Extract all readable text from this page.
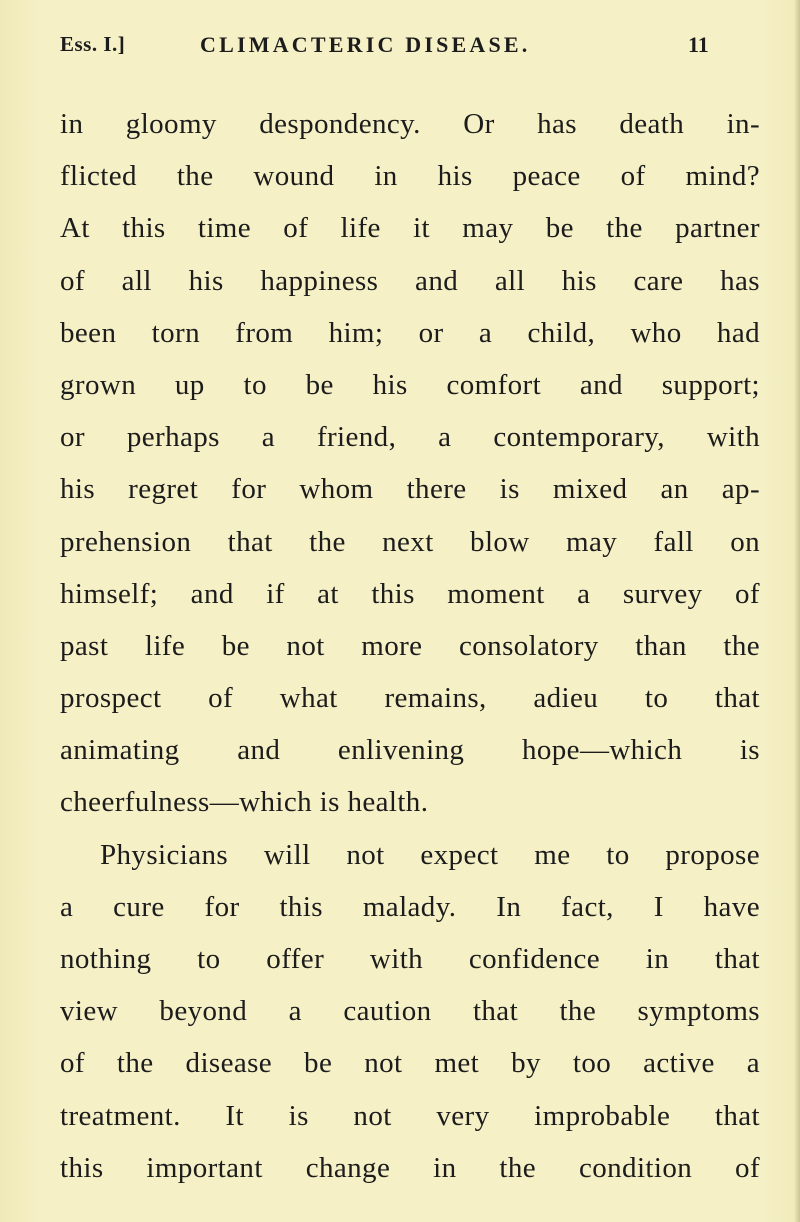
Ess. I.]	CLIMACTERIC DISEASE.	11
in gloomy despondency. Or has death in-
flicted the wound in his peace of mind?
At this time of life it may be the partner
of all his happiness and all his care has
been torn from him; or a child, who had
grown up to be his comfort and support;
or perhaps a friend, a contemporary, with
his regret for whom there is mixed an ap-
prehension that the next blow may fall on
himself; and if at this moment a survey of
past life be not more consolatory than the
prospect of what remains, adieu to that
animating and enlivening hope—which is
cheerfulness—which is health.
Physicians will not expect me to propose
a cure for this malady. In fact, I have
nothing to offer with confidence in that
view beyond a caution that the symptoms
of the disease be not met by too active a
treatment. It is not very improbable that
this important change in the condition of
